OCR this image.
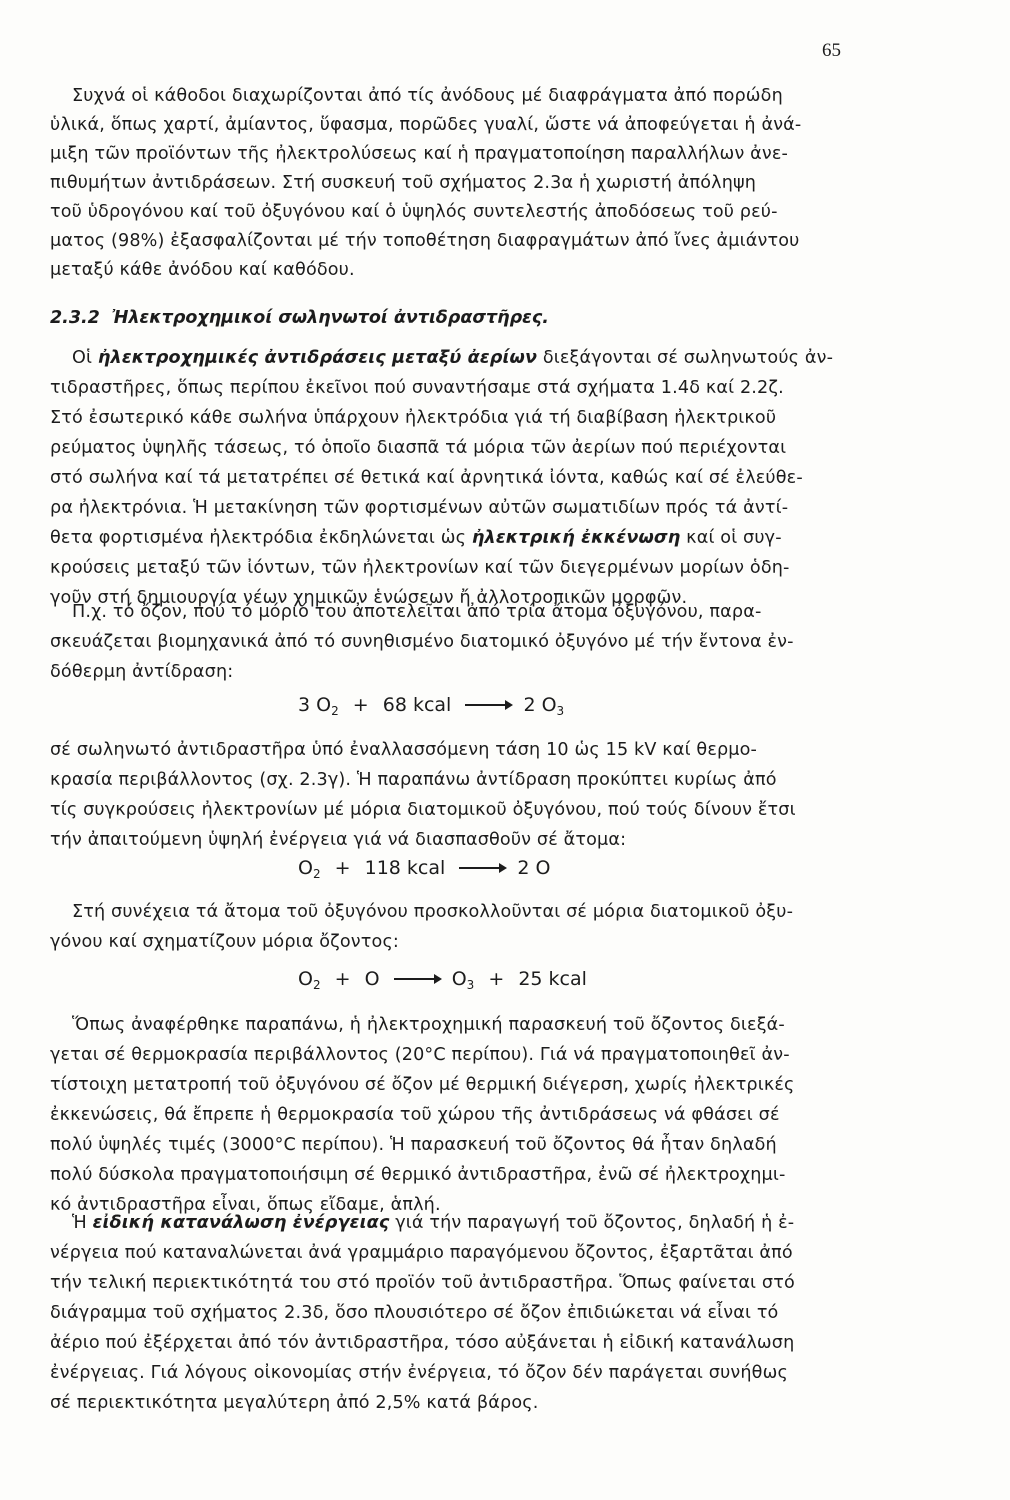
65
Συχνά οἱ κάθοδοι διαχωρίζονται ἀπό τίς ἀνόδους μέ διαφράγματα ἀπό πορώδη
ὑλικά, ὅπως χαρτί, ἀμίαντος, ὕφασμα, πορῶδες γυαλί, ὥστε νά ἀποφεύγεται ἡ ἀνά-
μιξη τῶν προϊόντων τῆς ἠλεκτρολύσεως καί ἡ πραγματοποίηση παραλλήλων ἀνε-
πιθυμήτων ἀντιδράσεων. Στή συσκευή τοῦ σχήματος 2.3α ἡ χωριστή ἀπόληψη
τοῦ ὑδρογόνου καί τοῦ ὀξυγόνου καί ὁ ὑψηλός συντελεστής ἀποδόσεως τοῦ ρεύ-
ματος (98%) ἐξασφαλίζονται μέ τήν τοποθέτηση διαφραγμάτων ἀπό ἴνες ἀμιάντου
μεταξύ κάθε ἀνόδου καί καθόδου.
2.3.2 Ἠλεκτροχημικοί σωληνωτοί ἀντιδραστῆρες.
Οἱ ἠλεκτροχημικές ἀντιδράσεις μεταξύ ἀερίων διεξάγονται σέ σωληνωτούς ἀν-
τιδραστῆρες, ὅπως περίπου ἐκεῖνοι πού συναντήσαμε στά σχήματα 1.4δ καί 2.2ζ.
Στό ἐσωτερικό κάθε σωλήνα ὑπάρχουν ἠλεκτρόδια γιά τή διαβίβαση ἠλεκτρικοῦ
ρεύματος ὑψηλῆς τάσεως, τό ὁποῖο διασπᾶ τά μόρια τῶν ἀερίων πού περιέχονται
στό σωλήνα καί τά μετατρέπει σέ θετικά καί ἀρνητικά ἰόντα, καθώς καί σέ ἐλεύθε-
ρα ἠλεκτρόνια. Ἡ μετακίνηση τῶν φορτισμένων αὐτῶν σωματιδίων πρός τά ἀντί-
θετα φορτισμένα ἠλεκτρόδια ἐκδηλώνεται ὡς ἠλεκτρική ἐκκένωση καί οἱ συγ-
κρούσεις μεταξύ τῶν ἰόντων, τῶν ἠλεκτρονίων καί τῶν διεγερμένων μορίων ὁδη-
γοῦν στή δημιουργία νέων χημικῶν ἑνώσεων ἤ ἀλλοτροπικῶν μορφῶν.
Π.χ. τό ὄζον, πού τό μόριό του ἀποτελεῖται ἀπό τρία ἄτομα ὀξυγόνου, παρα-
σκευάζεται βιομηχανικά ἀπό τό συνηθισμένο διατομικό ὀξυγόνο μέ τήν ἔντονα ἐν-
δόθερμη ἀντίδραση:
3 $O_2 + 68$ kcal → 2 $O_3$
σέ σωληνωτό ἀντιδραστῆρα ὑπό ἐναλλασσόμενη τάση 10 ὡς 15 kV καί θερμο-
κρασία περιβάλλοντος (σχ. 2.3γ). Ἡ παραπάνω ἀντίδραση προκύπτει κυρίως ἀπό
τίς συγκρούσεις ἠλεκτρονίων μέ μόρια διατομικοῦ ὀξυγόνου, πού τούς δίνουν ἔτσι
τήν ἀπαιτούμενη ὑψηλή ἐνέργεια γιά νά διασπασθοῦν σέ ἄτομα:
$O_2 + 118$ kcal → 2 O
Στή συνέχεια τά ἄτομα τοῦ ὀξυγόνου προσκολλοῦνται σέ μόρια διατομικοῦ ὀξυ-
γόνου καί σχηματίζουν μόρια ὄζοντος:
$O_2 + O \to O_3 + 25$ kcal
Ὅπως ἀναφέρθηκε παραπάνω, ἡ ἠλεκτροχημική παρασκευή τοῦ ὄζοντος διεξά-
γεται σέ θερμοκρασία περιβάλλοντος (20°C περίπου). Γιά νά πραγματοποιηθεῖ ἀν-
τίστοιχη μετατροπή τοῦ ὀξυγόνου σέ ὄζον μέ θερμική διέγερση, χωρίς ἠλεκτρικές
ἐκκενώσεις, θά ἔπρεπε ἡ θερμοκρασία τοῦ χώρου τῆς ἀντιδράσεως νά φθάσει σέ
πολύ ὑψηλές τιμές (3000°C περίπου). Ἡ παρασκευή τοῦ ὄζοντος θά ἦταν δηλαδή
πολύ δύσκολα πραγματοποιήσιμη σέ θερμικό ἀντιδραστῆρα, ἐνῶ σέ ἠλεκτροχημι-
κό ἀντιδραστῆρα εἶναι, ὅπως εἴδαμε, ἁπλή.
Ἡ εἰδική κατανάλωση ἐνέργειας γιά τήν παραγωγή τοῦ ὄζοντος, δηλαδή ἡ ἐ-
νέργεια πού καταναλώνεται ἀνά γραμμάριο παραγόμενου ὄζοντος, ἐξαρτᾶται ἀπό
τήν τελική περιεκτικότητά του στό προϊόν τοῦ ἀντιδραστῆρα. Ὅπως φαίνεται στό
διάγραμμα τοῦ σχήματος 2.3δ, ὅσο πλουσιότερο σέ ὄζον ἐπιδιώκεται νά εἶναι τό
ἀέριο πού ἐξέρχεται ἀπό τόν ἀντιδραστῆρα, τόσο αὐξάνεται ἡ εἰδική κατανάλωση
ἐνέργειας. Γιά λόγους οἰκονομίας στήν ἐνέργεια, τό ὄζον δέν παράγεται συνήθως
σέ περιεκτικότητα μεγαλύτερη ἀπό 2,5% κατά βάρος.
